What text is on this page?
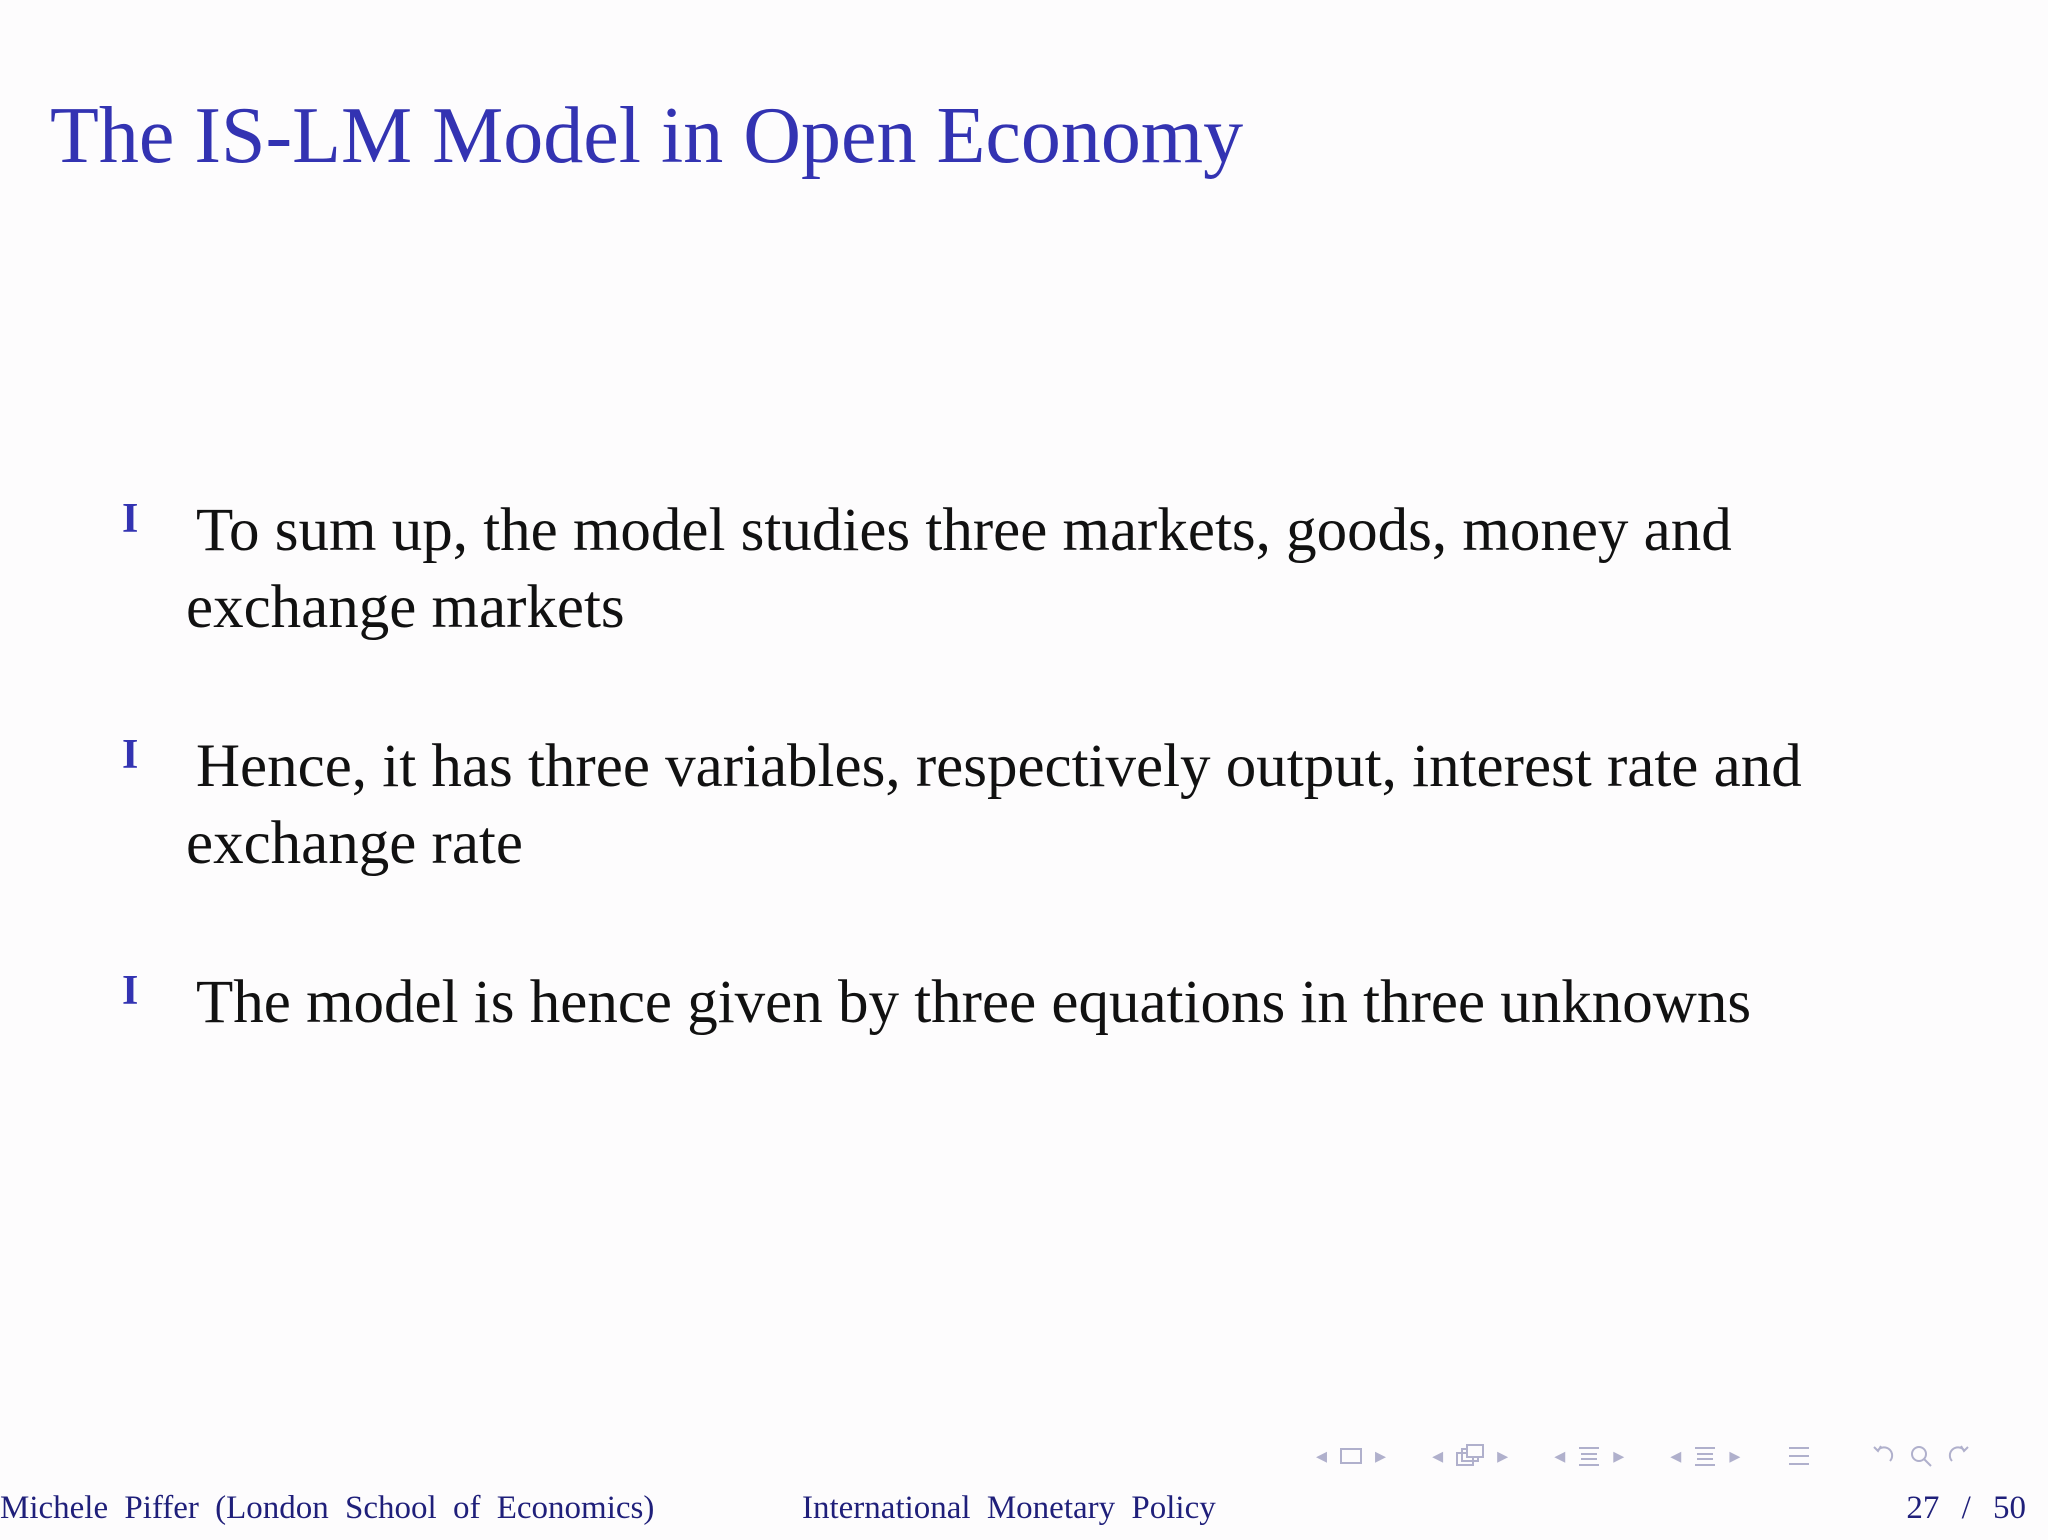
The IS-LM Model in Open Economy
I To sum up, the model studies three markets, goods, money and
exchange markets
I Hence, it has three variables, respectively output, interest rate and
exchange rate
I The model is hence given by three equations in three unknowns
◂ ▸ ◂ ▸ ◂ ▸ ◂ ▸
Michele Piffer (London School of Economics)	International Monetary Policy	27 / 50
